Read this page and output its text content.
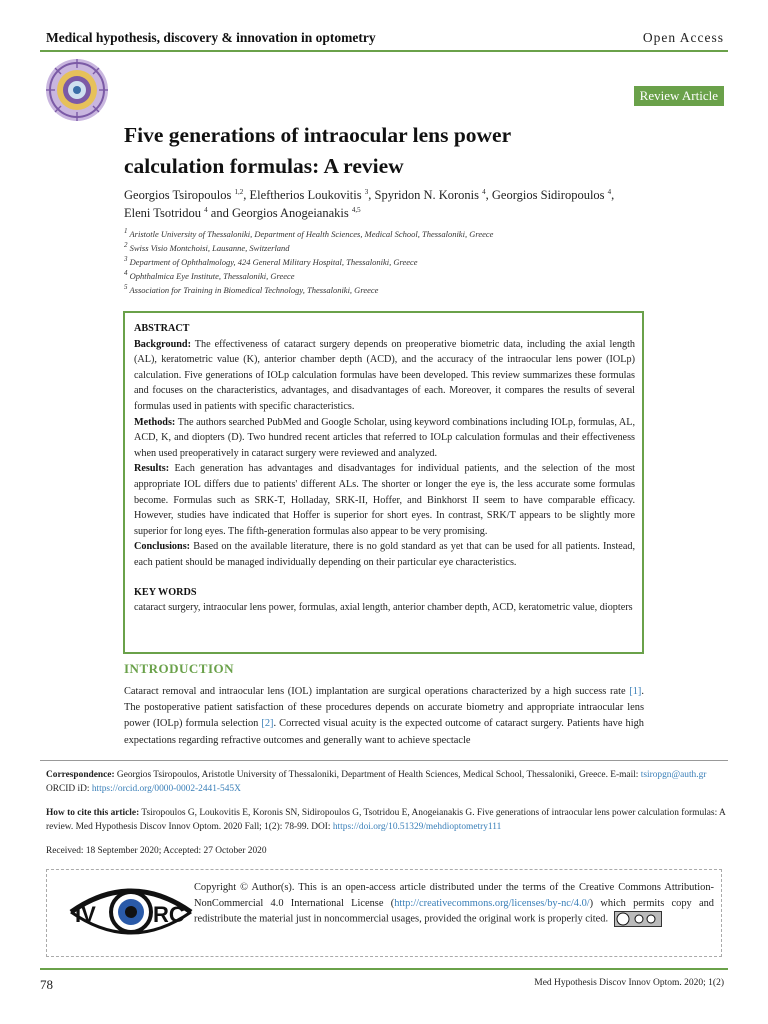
Medical hypothesis, discovery & innovation in optometry	Open Access
Review Article
Five generations of intraocular lens power
calculation formulas: A review
Georgios Tsiropoulos $^{1,2}$, Eleftherios Loukovitis $^3$, Spyridon N. Koronis $^4$, Georgios Sidiropoulos $^4$,
Eleni Tsotridou $^4$ and Georgios Anogeianakis $^{4,5}$
$^1$ Aristotle University of Thessaloniki, Department of Health Sciences, Medical School, Thessaloniki, Greece
$^2$ Swiss Visio Montchoisi, Lausanne, Switzerland
$^3$ Department of Ophthalmology, 424 General Military Hospital, Thessaloniki, Greece
$^4$ Ophthalmica Eye Institute, Thessaloniki, Greece
$^5$ Association for Training in Biomedical Technology, Thessaloniki, Greece

ABSTRACT

Background: The effectiveness of cataract surgery depends on preoperative biometric data, including the axial length (AL), keratometric value (K), anterior chamber depth (ACD), and the accuracy of the intraocular lens power (IOLp) calculation. Five generations of IOLp calculation formulas have been developed. This review summarizes these formulas and focuses on the characteristics, advantages, and disadvantages of each. Moreover, it compares the results of several formulas used in patients with specific characteristics.

Methods: The authors searched PubMed and Google Scholar, using keyword combinations including IOLp, formulas, AL, ACD, K, and diopters (D). Two hundred recent articles that referred to IOLp calculation formulas and their effectiveness when used preoperatively in cataract surgery were reviewed and analyzed.

Results: Each generation has advantages and disadvantages for individual patients, and the selection of the most appropriate IOL differs due to patients' different ALs. The shorter or longer the eye is, the less accurate some formulas become. Formulas such as SRK-T, Holladay, SRK-II, Hoffer, and Binkhorst II seem to have comparable efficacy. However, studies have indicated that Hoffer is superior for short eyes. In contrast, SRK/T appears to be slightly more superior for long eyes. The fifth-generation formulas also appear to be very promising.

Conclusions: Based on the available literature, there is no gold standard as yet that can be used for all patients. Instead, each patient should be managed individually depending on their particular eye characteristics.

KEY WORDS

cataract surgery, intraocular lens power, formulas, axial length, anterior chamber depth, ACD, keratometric value, diopters

INTRODUCTION
Cataract removal and intraocular lens (IOL) implantation are surgical operations characterized by a high success rate [1]. The postoperative patient satisfaction of these procedures depends on accurate biometry and appropriate intraocular lens power (IOLp) formula selection [2]. Corrected visual acuity is the expected outcome of cataract surgery. Patients have high expectations regarding refractive outcomes and generally want to achieve spectacle
Correspondence: Georgios Tsiropoulos, Aristotle University of Thessaloniki, Department of Health Sciences, Medical School, Thessaloniki, Greece. E-mail: tsiropgn@auth.gr ORCID iD: https://orcid.org/0000-0002-2441-545X
How to cite this article: Tsiropoulos G, Loukovitis E, Koronis SN, Sidiropoulos G, Tsotridou E, Anogeianakis G. Five generations of intraocular lens power calculation formulas: A review. Med Hypothesis Discov Innov Optom. 2020 Fall; 1(2): 78-99. DOI: https://doi.org/10.51329/mehdioptometry111
Received: 18 September 2020; Accepted: 27 October 2020
IV	RC
Copyright © Author(s). This is an open-access article distributed under the terms of the Creative Commons Attribution-NonCommercial 4.0 International License (http://creativecommons.org/licenses/by-nc/4.0/) which permits copy and redistribute the material just in noncommercial usages, provided the original work is properly cited.
78	Med Hypothesis Discov Innov Optom. 2020; 1(2)
